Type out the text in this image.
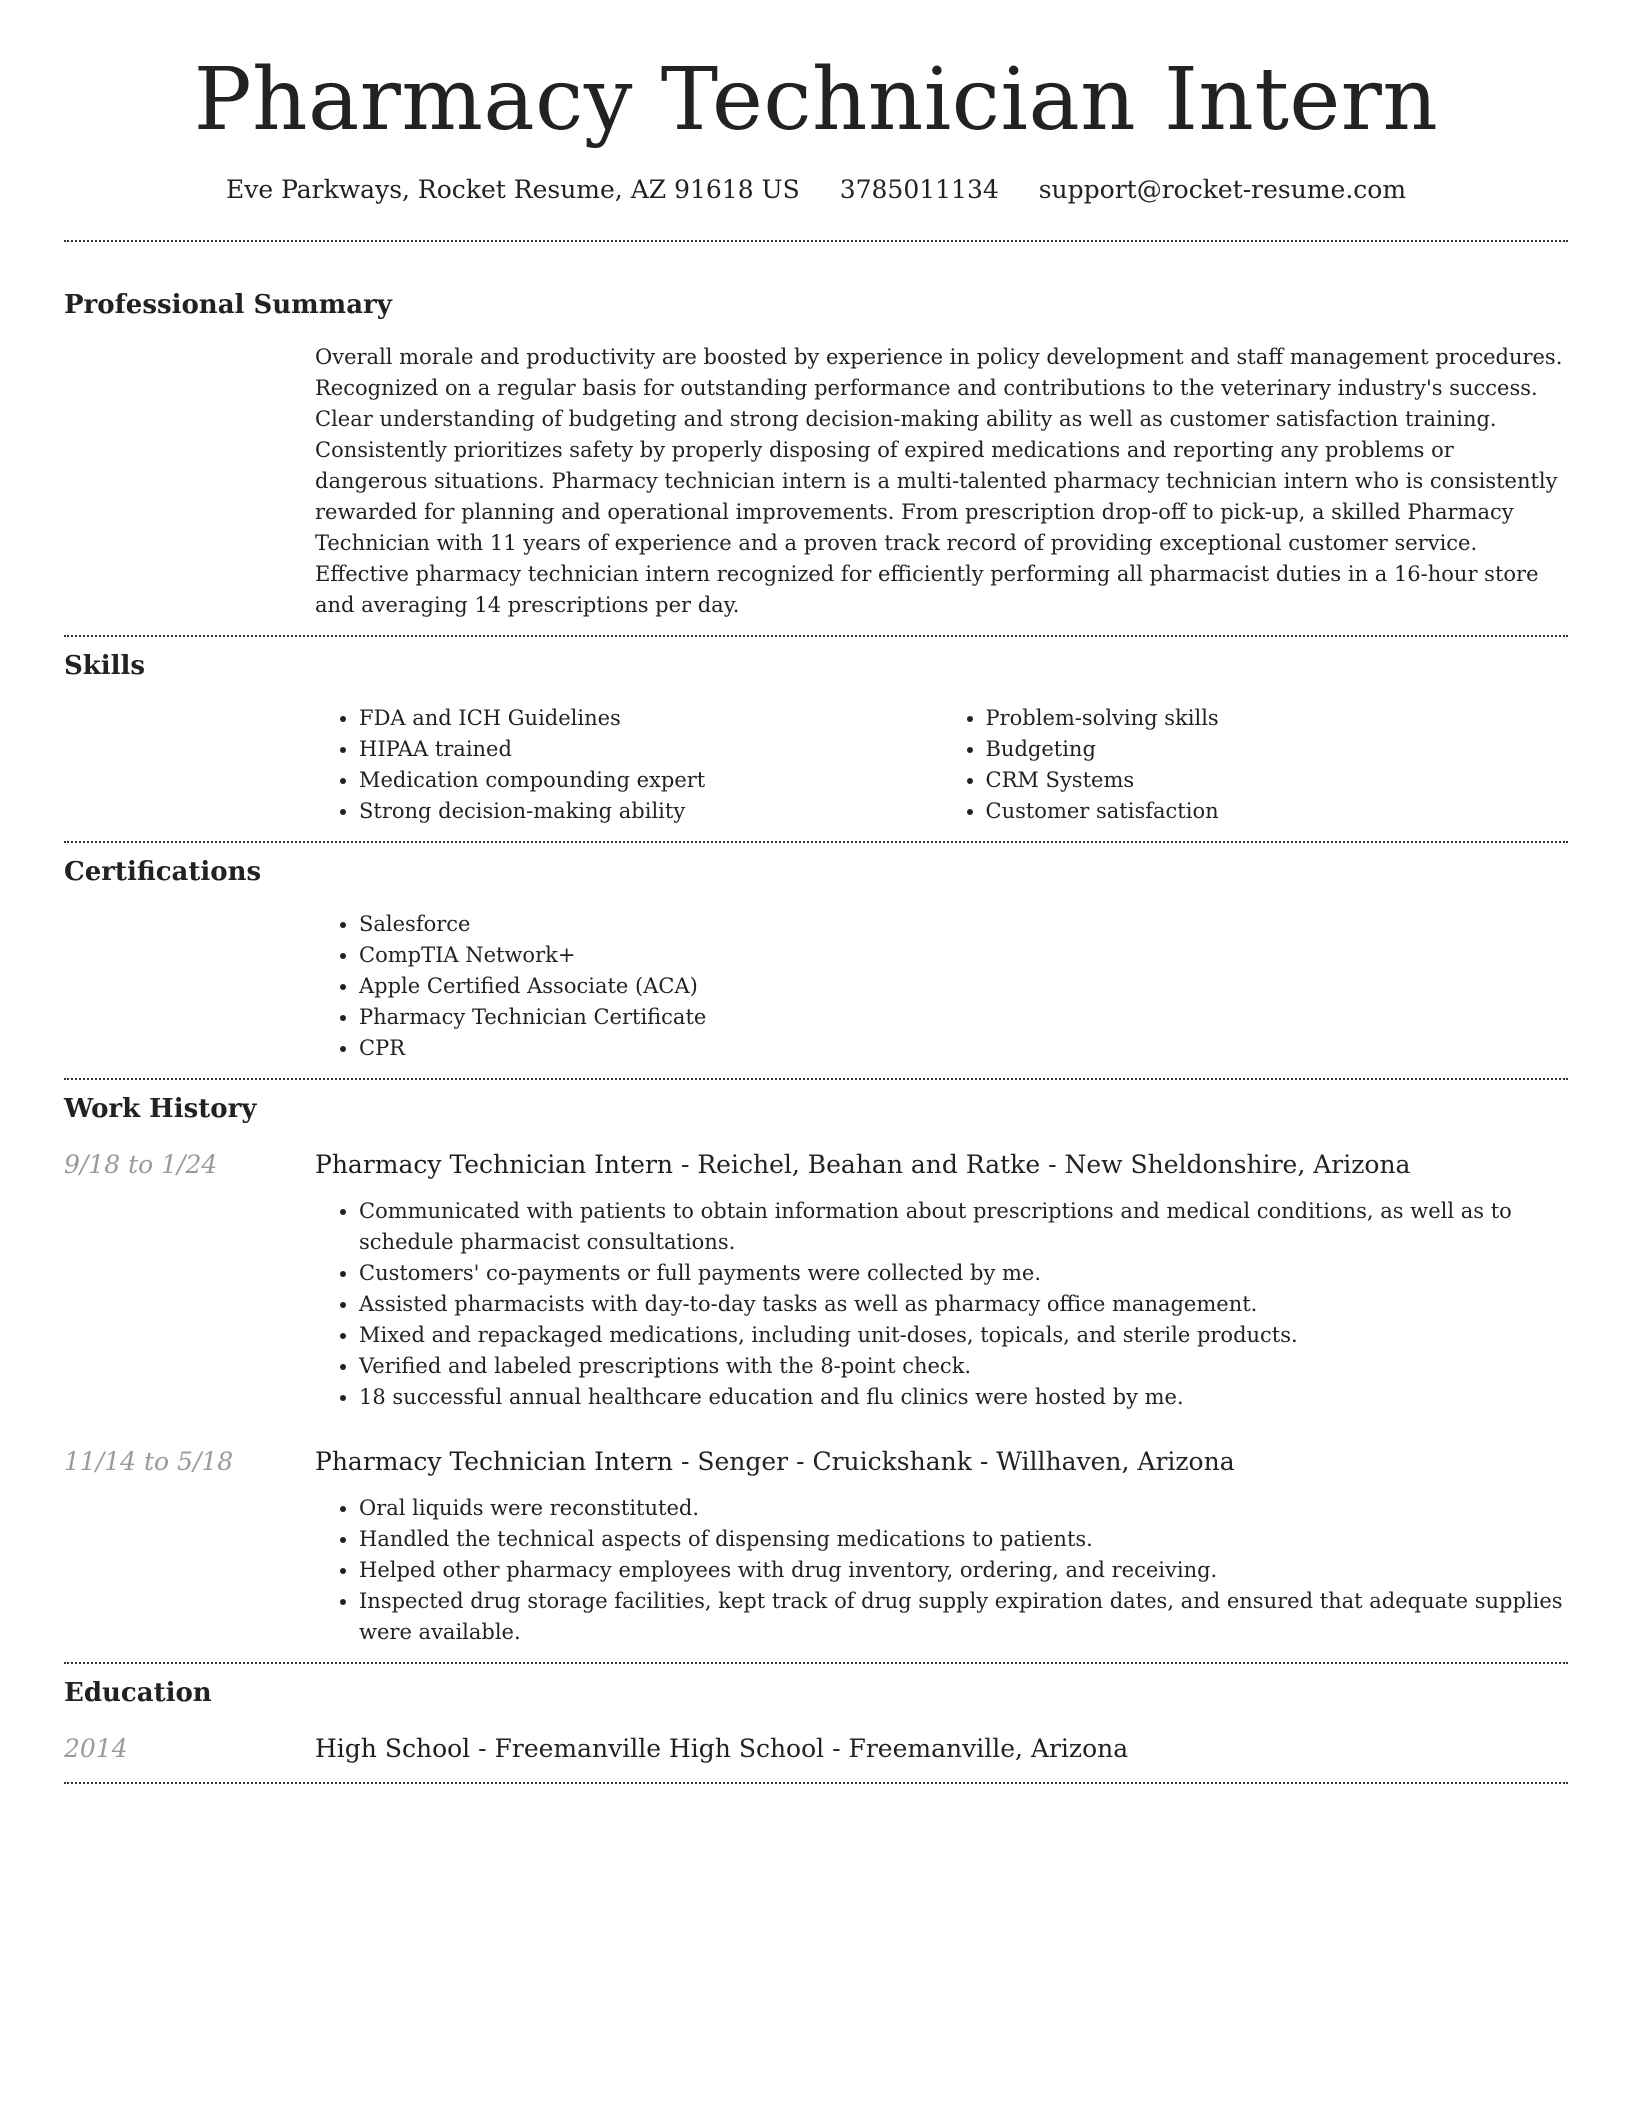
Pharmacy Technician Intern
Eve Parkways, Rocket Resume, AZ 91618 US 3785011134 support@rocket-resume.com
Professional Summary

Overall morale and productivity are boosted by experience in policy development and staff management procedures. Recognized on a regular basis for outstanding performance and contributions to the veterinary industry's success. Clear understanding of budgeting and strong decision-making ability as well as customer satisfaction training. Consistently prioritizes safety by properly disposing of expired medications and reporting any problems or dangerous situations. Pharmacy technician intern is a multi-talented pharmacy technician intern who is consistently rewarded for planning and operational improvements. From prescription drop-off to pick-up, a skilled Pharmacy Technician with 11 years of experience and a proven track record of providing exceptional customer service. Effective pharmacy technician intern recognized for efficiently performing all pharmacist duties in a 16-hour store and averaging 14 prescriptions per day.

Skills
• FDA and ICH Guidelines
• HIPAA trained
• Medication compounding expert
• Strong decision-making ability
• Problem-solving skills
• Budgeting
• CRM Systems
• Customer satisfaction
Certifications
• Salesforce
• CompTIA Network+
• Apple Certified Associate (ACA)
• Pharmacy Technician Certificate
• CPR
Work History
9/18 to 1/24	Pharmacy Technician Intern - Reichel, Beahan and Ratke - New Sheldonshire, Arizona
• Communicated with patients to obtain information about prescriptions and medical conditions, as well as to schedule pharmacist consultations.
• Customers' co-payments or full payments were collected by me.
• Assisted pharmacists with day-to-day tasks as well as pharmacy office management.
• Mixed and repackaged medications, including unit-doses, topicals, and sterile products.
• Verified and labeled prescriptions with the 8-point check.
• 18 successful annual healthcare education and flu clinics were hosted by me.
11/14 to 5/18	Pharmacy Technician Intern - Senger - Cruickshank - Willhaven, Arizona
• Oral liquids were reconstituted.
• Handled the technical aspects of dispensing medications to patients.
• Helped other pharmacy employees with drug inventory, ordering, and receiving.
• Inspected drug storage facilities, kept track of drug supply expiration dates, and ensured that adequate supplies were available.
Education
2014	High School - Freemanville High School - Freemanville, Arizona
